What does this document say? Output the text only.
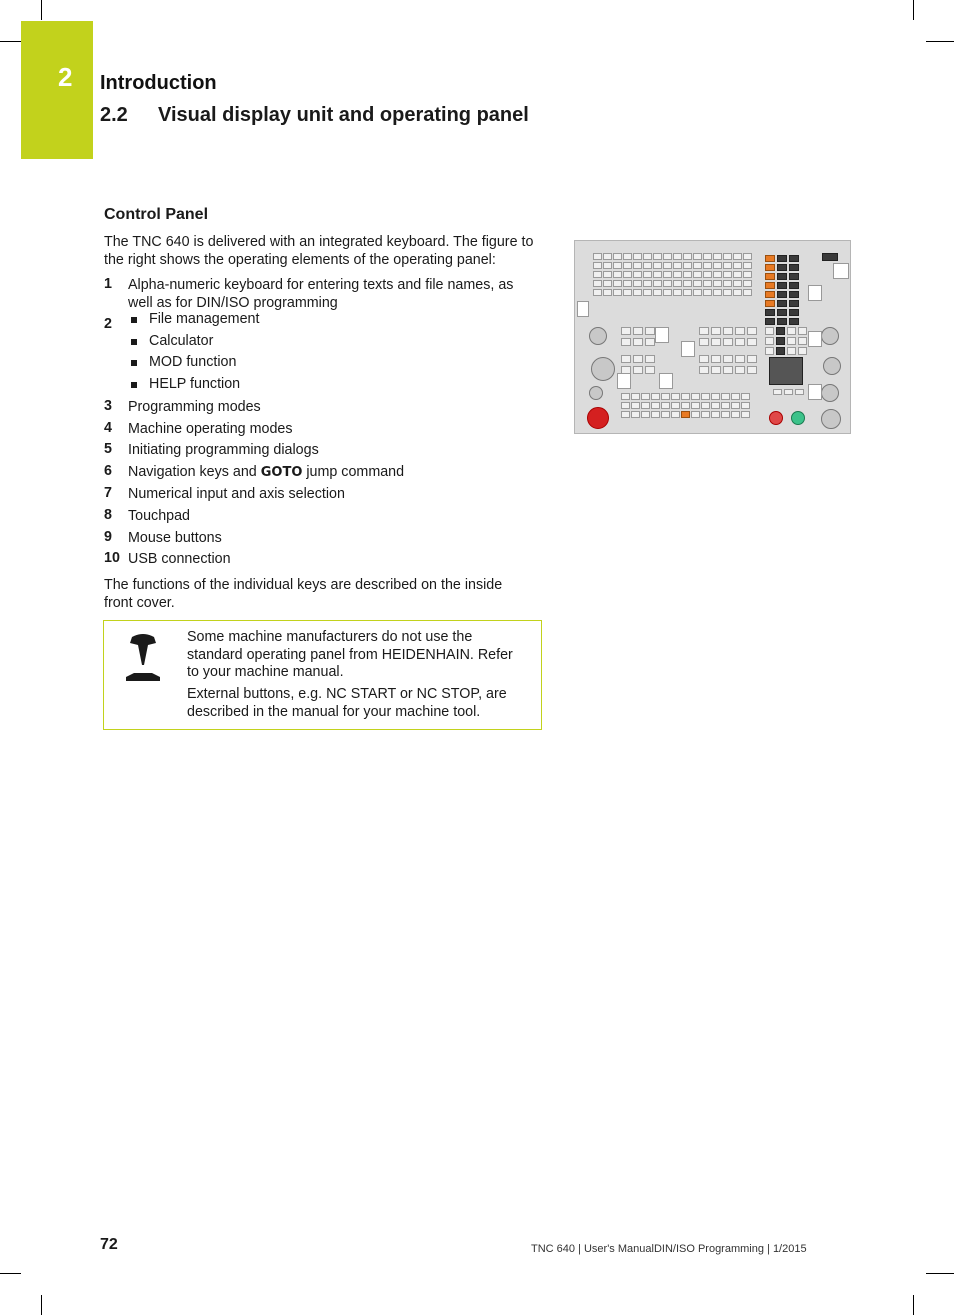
2 Introduction
2.2 Visual display unit and operating panel
Control Panel
The TNC 640 is delivered with an integrated keyboard. The figure to the right shows the operating elements of the operating panel:
1 Alpha-numeric keyboard for entering texts and file names, as well as for DIN/ISO programming
2	File management
Calculator
MOD function
HELP function
3 Programming modes
4 Machine operating modes
5 Initiating programming dialogs
6 Navigation keys and GOTO jump command
7 Numerical input and axis selection
8 Touchpad
9 Mouse buttons
10 USB connection
The functions of the individual keys are described on the inside front cover.
Some machine manufacturers do not use the standard operating panel from HEIDENHAIN. Refer to your machine manual.
External buttons, e.g. NC START or NC STOP, are described in the manual for your machine tool.
72	TNC 640 | User's ManualDIN/ISO Programming | 1/2015
